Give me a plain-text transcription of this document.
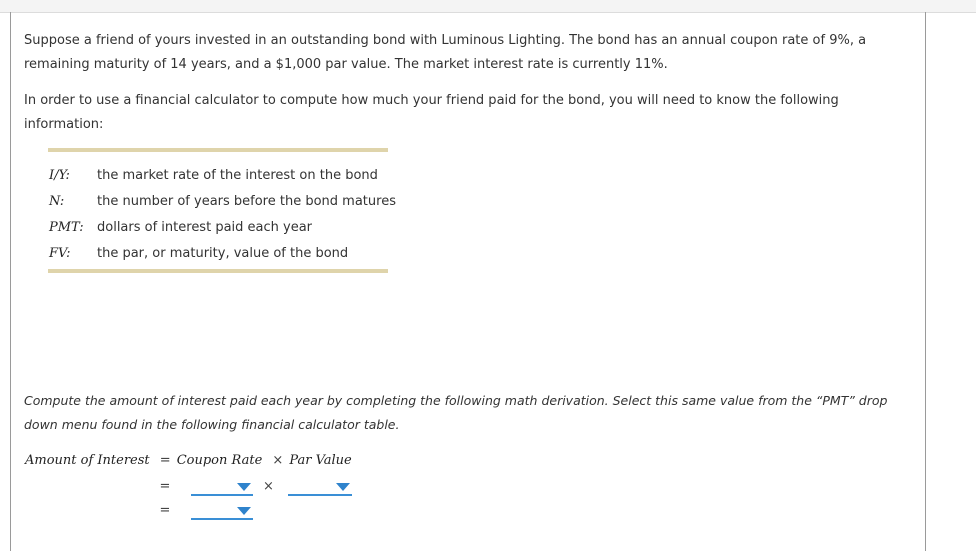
Suppose a friend of yours invested in an outstanding bond with Luminous Lighting. The bond has an annual coupon rate of 9%, a remaining maturity of 14 years, and a $1,000 par value. The market interest rate is currently 11%.

In order to use a financial calculator to compute how much your friend paid for the bond, you will need to know the following information:

I/Y: the market rate of the interest on the bond
N:	the number of years before the bond matures
PMT: dollars of interest paid each year
FV: the par, or maturity, value of the bond

Compute the amount of interest paid each year by completing the following math derivation. Select this same value from the “PMT” drop down menu found in the following financial calculator table.

Amount of Interest = Coupon Rate × Par Value
=	×
=
